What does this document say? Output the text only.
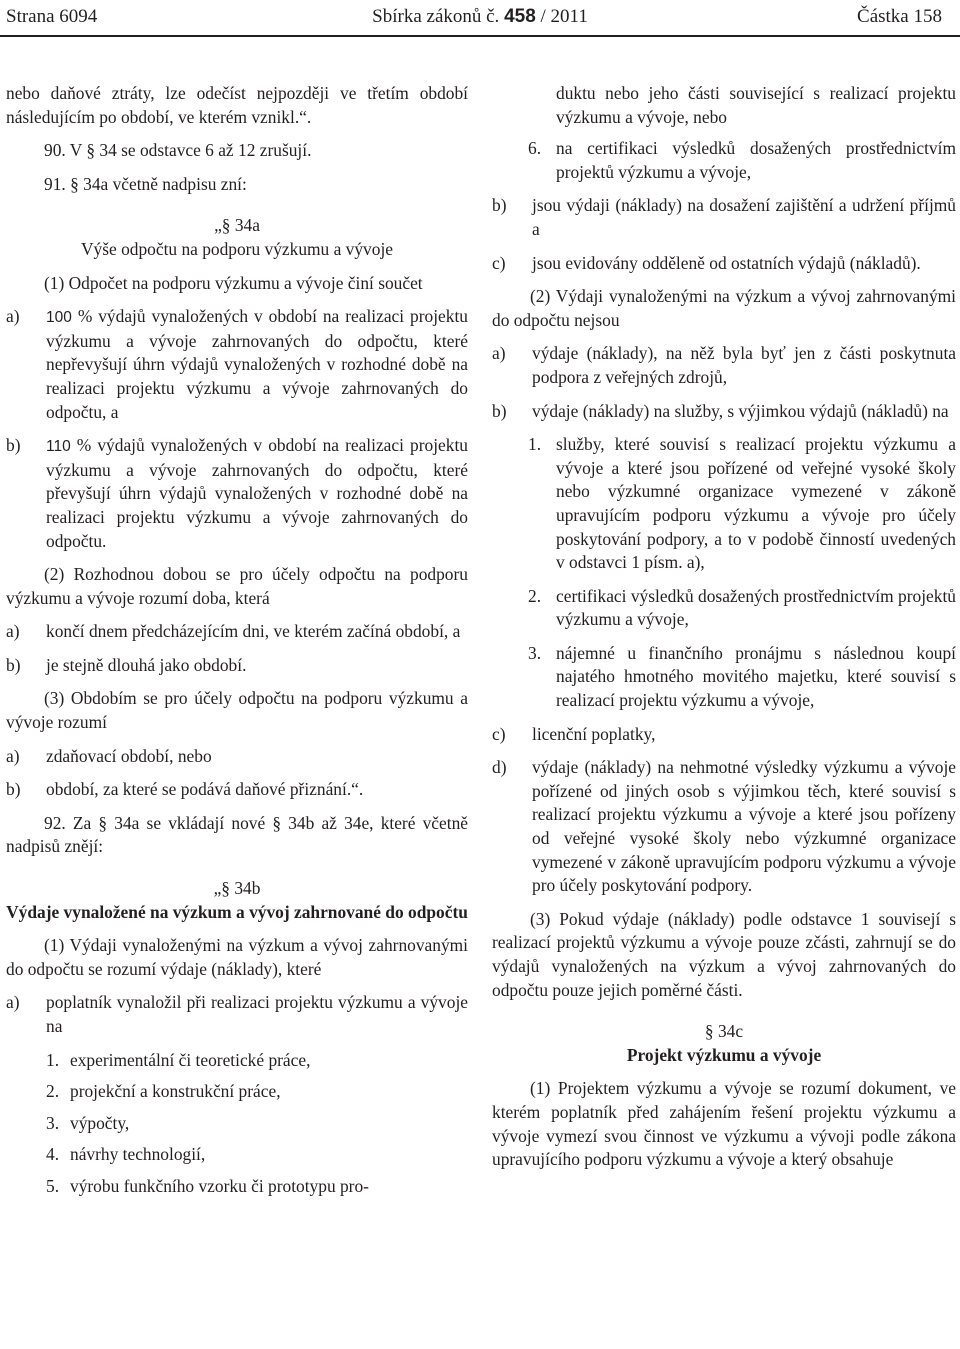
Strana 6094	Sbírka zákonů č. 458 / 2011	Částka 158

nebo daňové ztráty, lze odečíst nejpozději ve třetím období následujícím po období, ve kterém vznikl.“.

90. V § 34 se odstavce 6 až 12 zrušují.

91. § 34a včetně nadpisu zní:

„§ 34a

Výše odpočtu na podporu výzkumu a vývoje

(1) Odpočet na podporu výzkumu a vývoje činí součet

a) 100 % výdajů vynaložených v období na realizaci projektu výzkumu a vývoje zahrnovaných do odpočtu, které nepřevyšují úhrn výdajů vynaložených v rozhodné době na realizaci projektu výzkumu a vývoje zahrnovaných do odpočtu, a
b) 110 % výdajů vynaložených v období na realizaci projektu výzkumu a vývoje zahrnovaných do odpočtu, které převyšují úhrn výdajů vynaložených v rozhodné době na realizaci projektu výzkumu a vývoje zahrnovaných do odpočtu.

(2) Rozhodnou dobou se pro účely odpočtu na podporu výzkumu a vývoje rozumí doba, která

a) končí dnem předcházejícím dni, ve kterém začíná období, a
b) je stejně dlouhá jako období.

(3) Obdobím se pro účely odpočtu na podporu výzkumu a vývoje rozumí

a) zdaňovací období, nebo
b) období, za které se podává daňové přiznání.“.

92. Za § 34a se vkládají nové § 34b až 34e, které včetně nadpisů znějí:

„§ 34b

Výdaje vynaložené na výzkum a vývoj zahrnované do odpočtu

(1) Výdaji vynaloženými na výzkum a vývoj zahrnovanými do odpočtu se rozumí výdaje (náklady), které

a) poplatník vynaložil při realizaci projektu výzkumu a vývoje na
1. experimentální či teoretické práce,
2. projekční a konstrukční práce,
3. výpočty,
4. návrhy technologií,
5. výrobu funkčního vzorku či prototypu pro-
duktu nebo jeho části související s realizací projektu výzkumu a vývoje, nebo
6. na certifikaci výsledků dosažených prostřednictvím projektů výzkumu a vývoje,
b) jsou výdaji (náklady) na dosažení zajištění a udržení příjmů a
c) jsou evidovány odděleně od ostatních výdajů (nákladů).

(2) Výdaji vynaloženými na výzkum a vývoj zahrnovanými do odpočtu nejsou

a) výdaje (náklady), na něž byla byť jen z části poskytnuta podpora z veřejných zdrojů,
b) výdaje (náklady) na služby, s výjimkou výdajů (nákladů) na
1. služby, které souvisí s realizací projektu výzkumu a vývoje a které jsou pořízené od veřejné vysoké školy nebo výzkumné organizace vymezené v zákoně upravujícím podporu výzkumu a vývoje pro účely poskytování podpory, a to v podobě činností uvedených v odstavci 1 písm. a),
2. certifikaci výsledků dosažených prostřednictvím projektů výzkumu a vývoje,
3. nájemné u finančního pronájmu s následnou koupí najatého hmotného movitého majetku, které souvisí s realizací projektu výzkumu a vývoje,
c) licenční poplatky,
d) výdaje (náklady) na nehmotné výsledky výzkumu a vývoje pořízené od jiných osob s výjimkou těch, které souvisí s realizací projektu výzkumu a vývoje a které jsou pořízeny od veřejné vysoké školy nebo výzkumné organizace vymezené v zákoně upravujícím podporu výzkumu a vývoje pro účely poskytování podpory.

(3) Pokud výdaje (náklady) podle odstavce 1 souvisejí s realizací projektů výzkumu a vývoje pouze zčásti, zahrnují se do výdajů vynaložených na výzkum a vývoj zahrnovaných do odpočtu pouze jejich poměrné části.

§ 34c

Projekt výzkumu a vývoje

(1) Projektem výzkumu a vývoje se rozumí dokument, ve kterém poplatník před zahájením řešení projektu výzkumu a vývoje vymezí svou činnost ve výzkumu a vývoji podle zákona upravujícího podporu výzkumu a vývoje a který obsahuje
